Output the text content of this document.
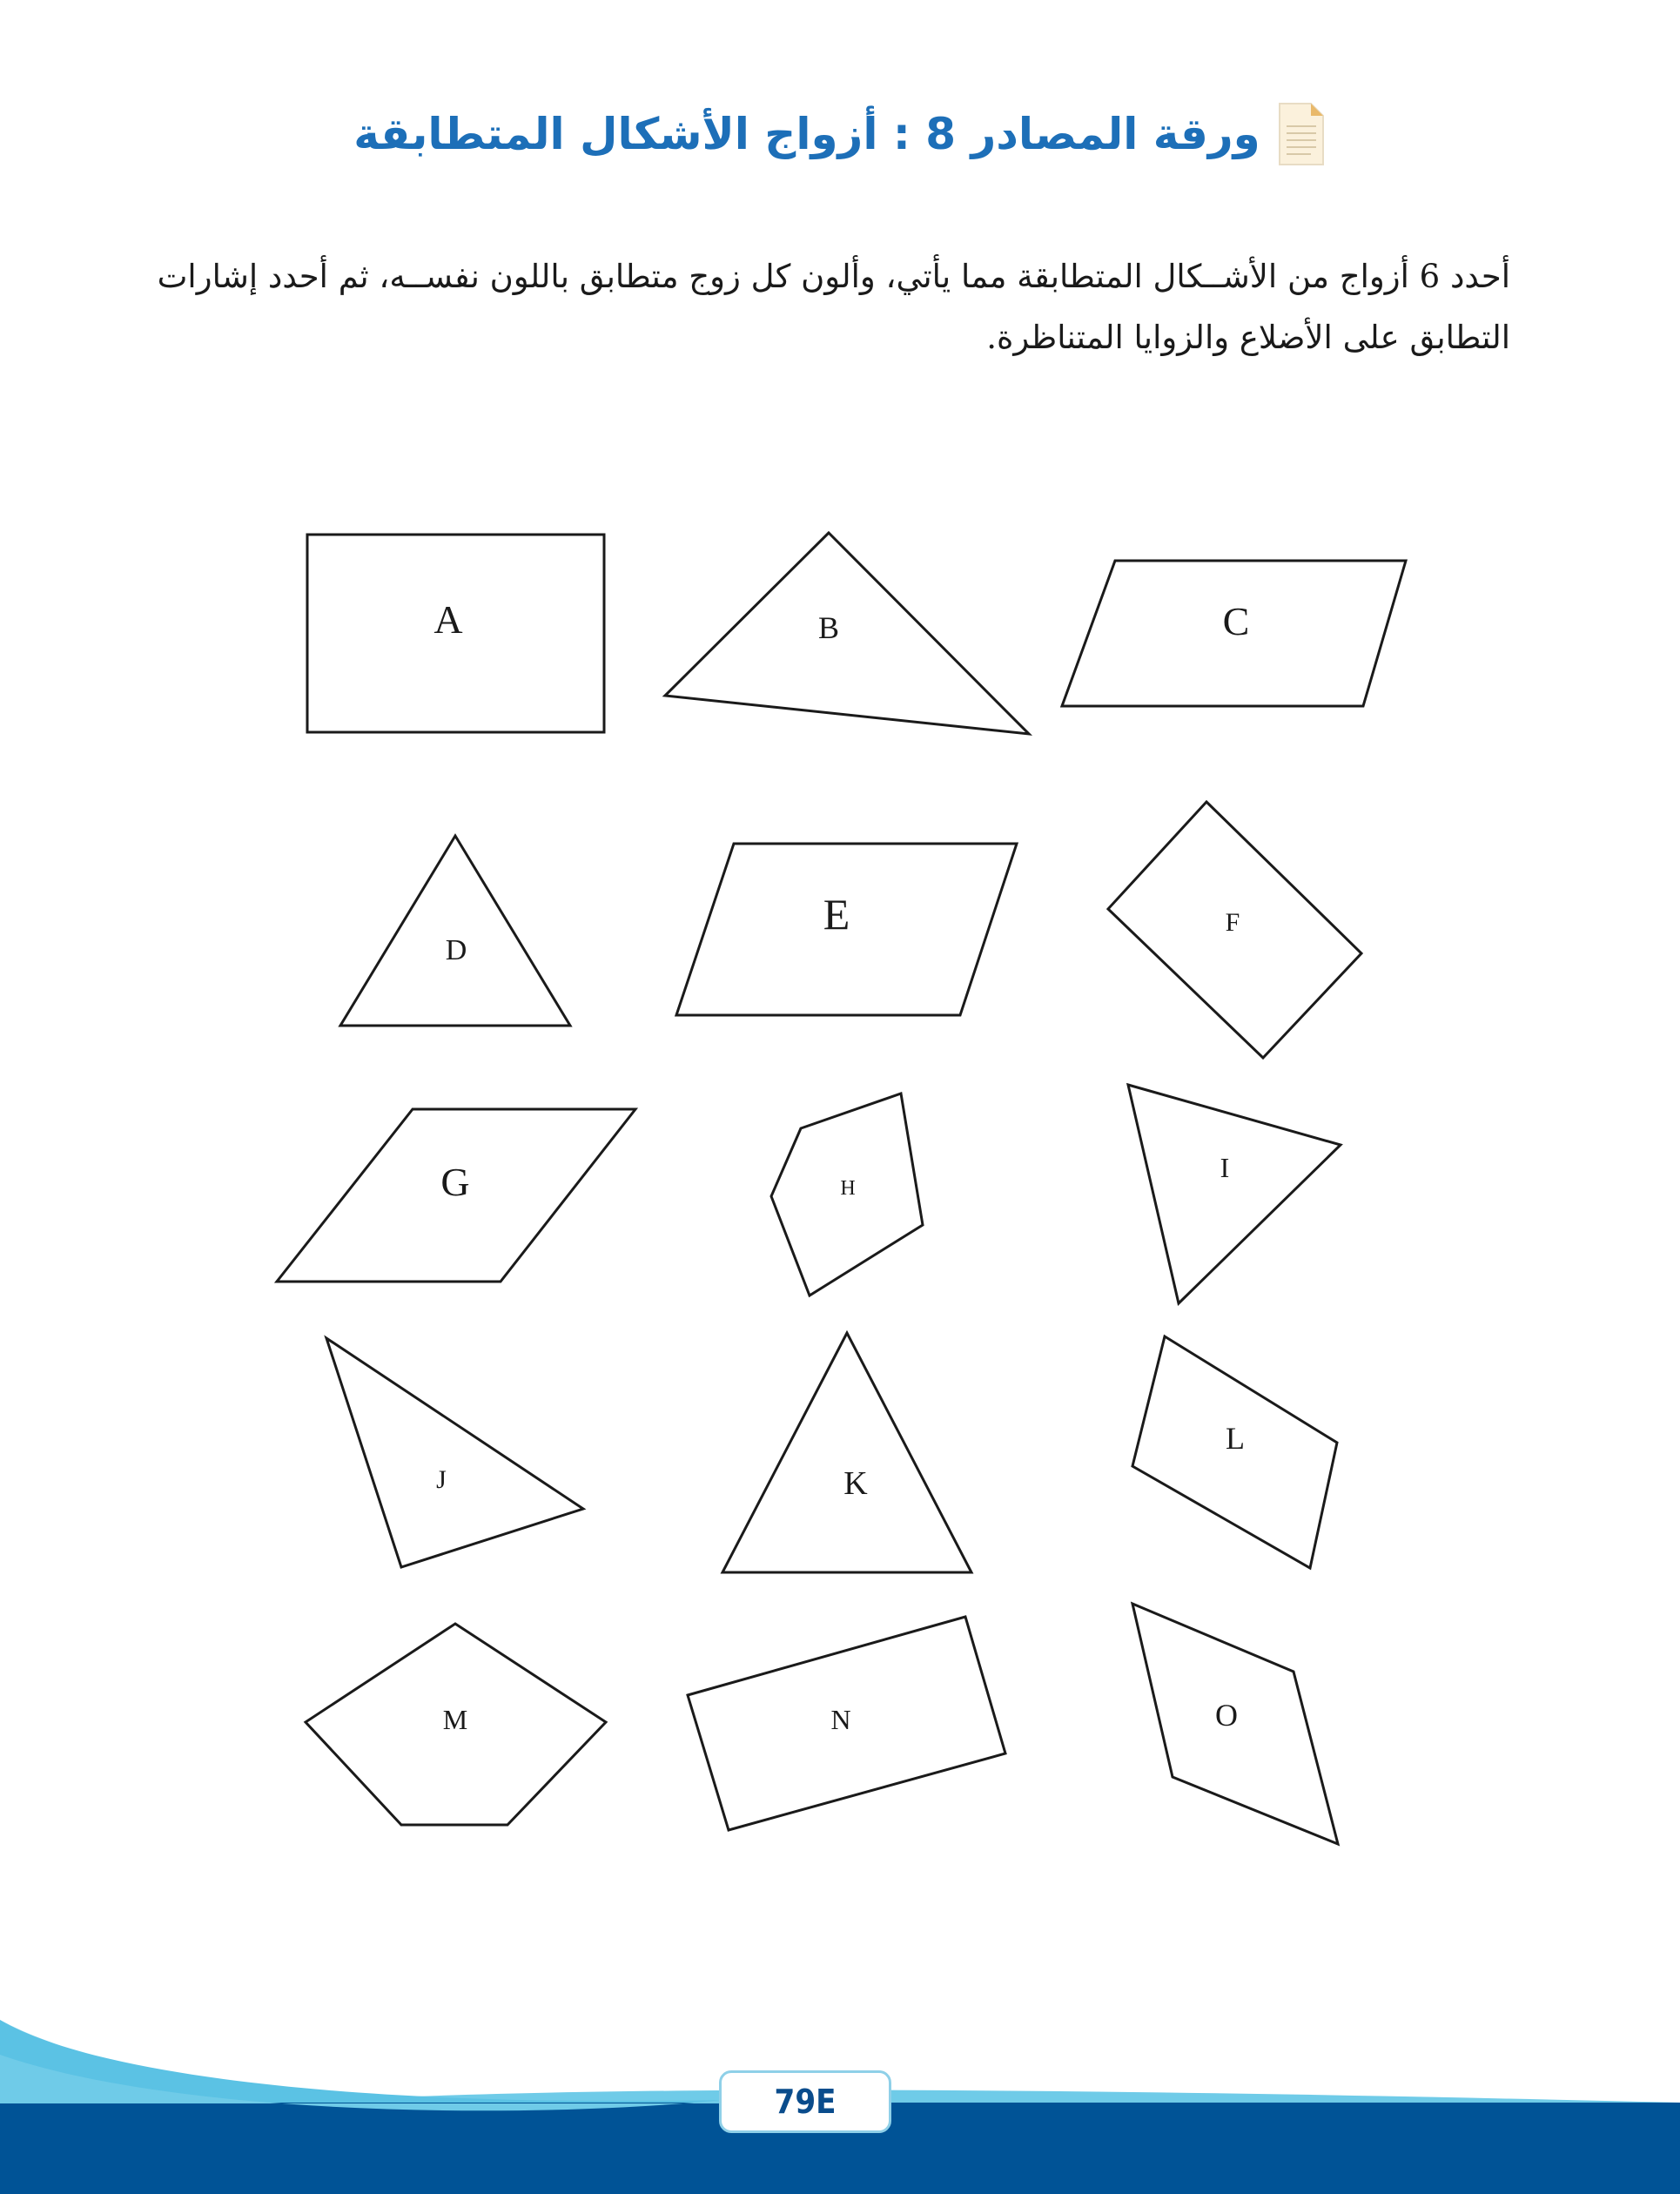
ورقة المصادر 8 : أزواج الأشكال المتطابقة

أحدد 6 أزواج من الأشــكال المتطابقة مما يأتي، وألون كل زوج متطابق باللون نفســه، ثم أحدد إشارات

التطابق على الأضلاع والزوايا المتناظرة.

A	B	C
D
E	F
G	H
I
J	K
L
M	N	O
79E
